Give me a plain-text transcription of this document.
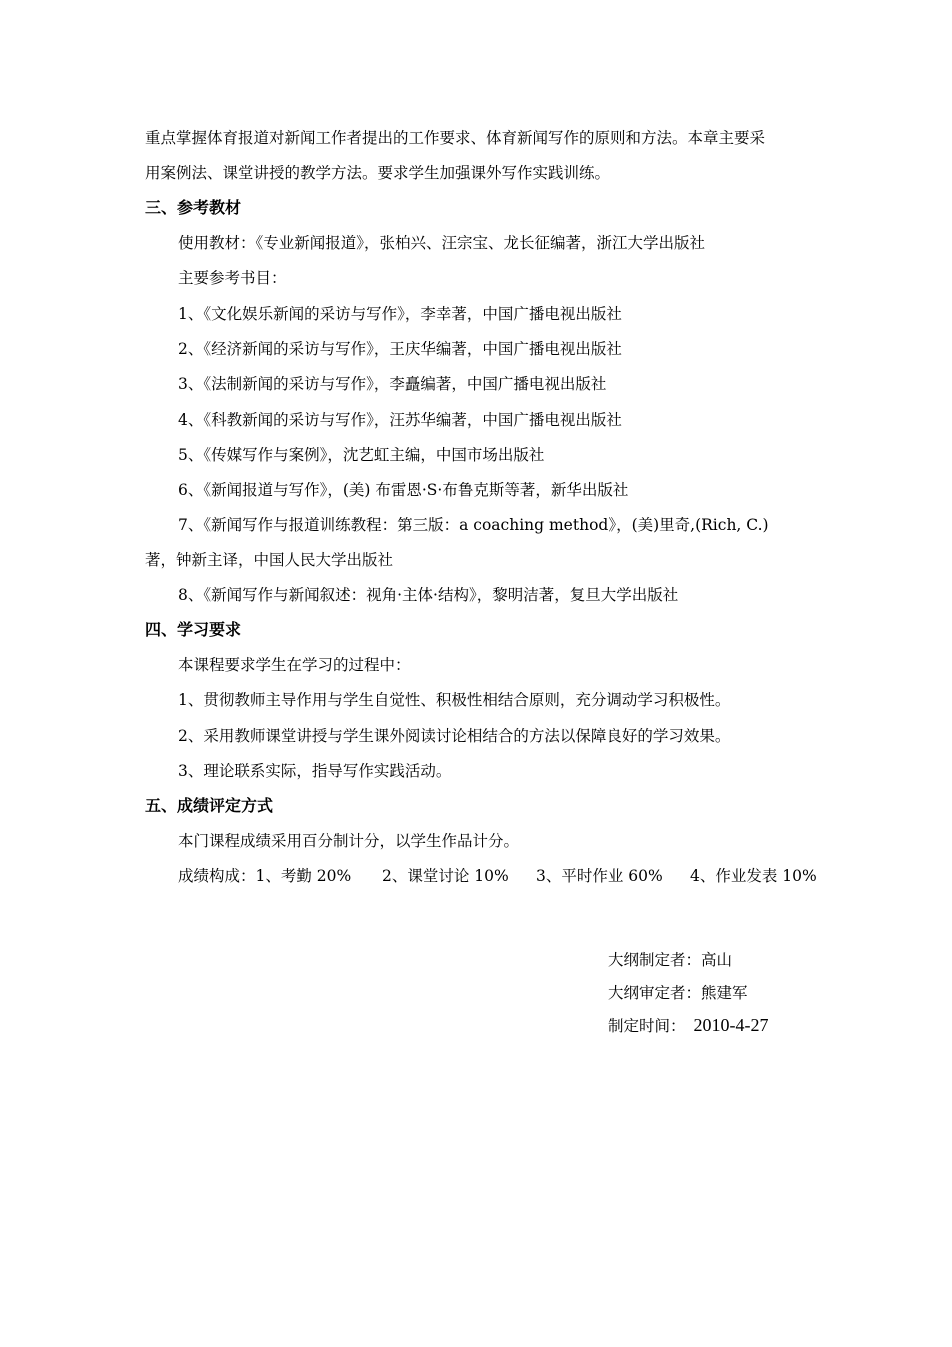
重点掌握体育报道对新闻工作者提出的工作要求、体育新闻写作的原则和方法。本章主要采
用案例法、课堂讲授的教学方法。要求学生加强课外写作实践训练。
三、参考教材
使用教材：《专业新闻报道》，张柏兴、汪宗宝、龙长征编著，浙江大学出版社
主要参考书目：
1、《文化娱乐新闻的采访与写作》，李幸著，中国广播电视出版社
2、《经济新闻的采访与写作》，王庆华编著，中国广播电视出版社
3、《法制新闻的采访与写作》，李矗编著，中国广播电视出版社
4、《科教新闻的采访与写作》，汪苏华编著，中国广播电视出版社
5、《传媒写作与案例》，沈艺虹主编，中国市场出版社
6、《新闻报道与写作》，(美) 布雷恩·S·布鲁克斯等著，新华出版社
7、《新闻写作与报道训练教程：第三版：a coaching method》，(美)里奇,(Rich, C.)
著，钟新主译，中国人民大学出版社
8、《新闻写作与新闻叙述：视角·主体·结构》，黎明洁著，复旦大学出版社
四、学习要求
本课程要求学生在学习的过程中：
1、贯彻教师主导作用与学生自觉性、积极性相结合原则，充分调动学习积极性。
2、采用教师课堂讲授与学生课外阅读讨论相结合的方法以保障良好的学习效果。
3、理论联系实际，指导写作实践活动。
五、成绩评定方式
本门课程成绩采用百分制计分，以学生作品计分。
成绩构成：1、考勤 20% 2、课堂讨论 10% 3、平时作业 60% 4、作业发表 10%
大纲制定者：高山
大纲审定者：熊建军
制定时间： 2010-4-27
